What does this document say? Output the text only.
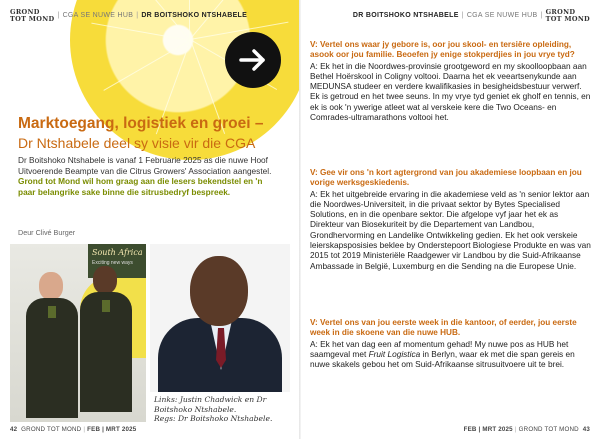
GROND
TOT MOND | CGA SE NUWE HUB | DR BOITSHOKO NTSHABELE
Marktoegang, logistiek en groei –
Dr Ntshabele deel sy visie vir die CGA
Dr Boitshoko Ntshabele is vanaf 1 Februarie 2025 as die nuwe Hoof Uitvoerende Beampte van die Citrus Growers' Association aangestel.
Grond tot Mond wil hom graag aan die lesers bekendstel en 'n paar belangrike sake binne die sitrusbedryf bespreek.
Deur Clivé Burger
South Africa
Exciting new ways
Links: Justin Chadwick en Dr Boitshoko Ntshabele.
Regs: Dr Boitshoko Ntshabele.
42 GROND TOT MOND | FEB | MRT 2025
DR BOITSHOKO NTSHABELE | CGA SE NUWE HUB | GROND
TOT MOND
V: Vertel ons waar jy gebore is, oor jou skool- en tersiêre opleiding, asook oor jou familie. Beoefen jy enige stokperdjies in jou vrye tyd?
A: Ek het in die Noordwes-provinsie grootgeword en my skoolloopbaan aan Bethel Hoërskool in Coligny voltooi. Daarna het ek veeartsenykunde aan MEDUNSA studeer en verdere kwalifikasies in besigheidsbestuur verwerf. Ek is getroud en het twee seuns. In my vrye tyd geniet ek gholf en tennis, en ek is ook 'n ywerige atleet wat al verskeie kere die Two Oceans- en Comrades-ultramarathons voltooi het.
V: Gee vir ons 'n kort agtergrond van jou akademiese loopbaan en jou vorige werksgeskiedenis.
A: Ek het uitgebreide ervaring in die akademiese veld as 'n senior lektor aan die Noordwes-Universiteit, in die privaat sektor by Bytes Specialised Solutions, en in die openbare sektor. Die afgelope vyf jaar het ek as Direkteur van Biosekuriteit by die Departement van Landbou, Grondhervorming en Landelike Ontwikkeling gedien. Ek het ook verskeie leierskapsposisies beklee by Onderstepoort Biologiese Produkte en was van 2015 tot 2019 Ministeriële Raadgewer vir Landbou by die Suid-Afrikaanse Ambassade in België, Luxemburg en die Sending na die Europese Unie.
V: Vertel ons van jou eerste week in die kantoor, of eerder, jou eerste week in die skoene van die nuwe HUB.
A: Ek het van dag een af momentum gehad! My nuwe pos as HUB het saamgeval met Fruit Logistica in Berlyn, waar ek met die span gereis en nuwe skakels gebou het om Suid-Afrikaanse sitrusuitvoere uit te brei.
FEB | MRT 2025 | GROND TOT MOND 43
